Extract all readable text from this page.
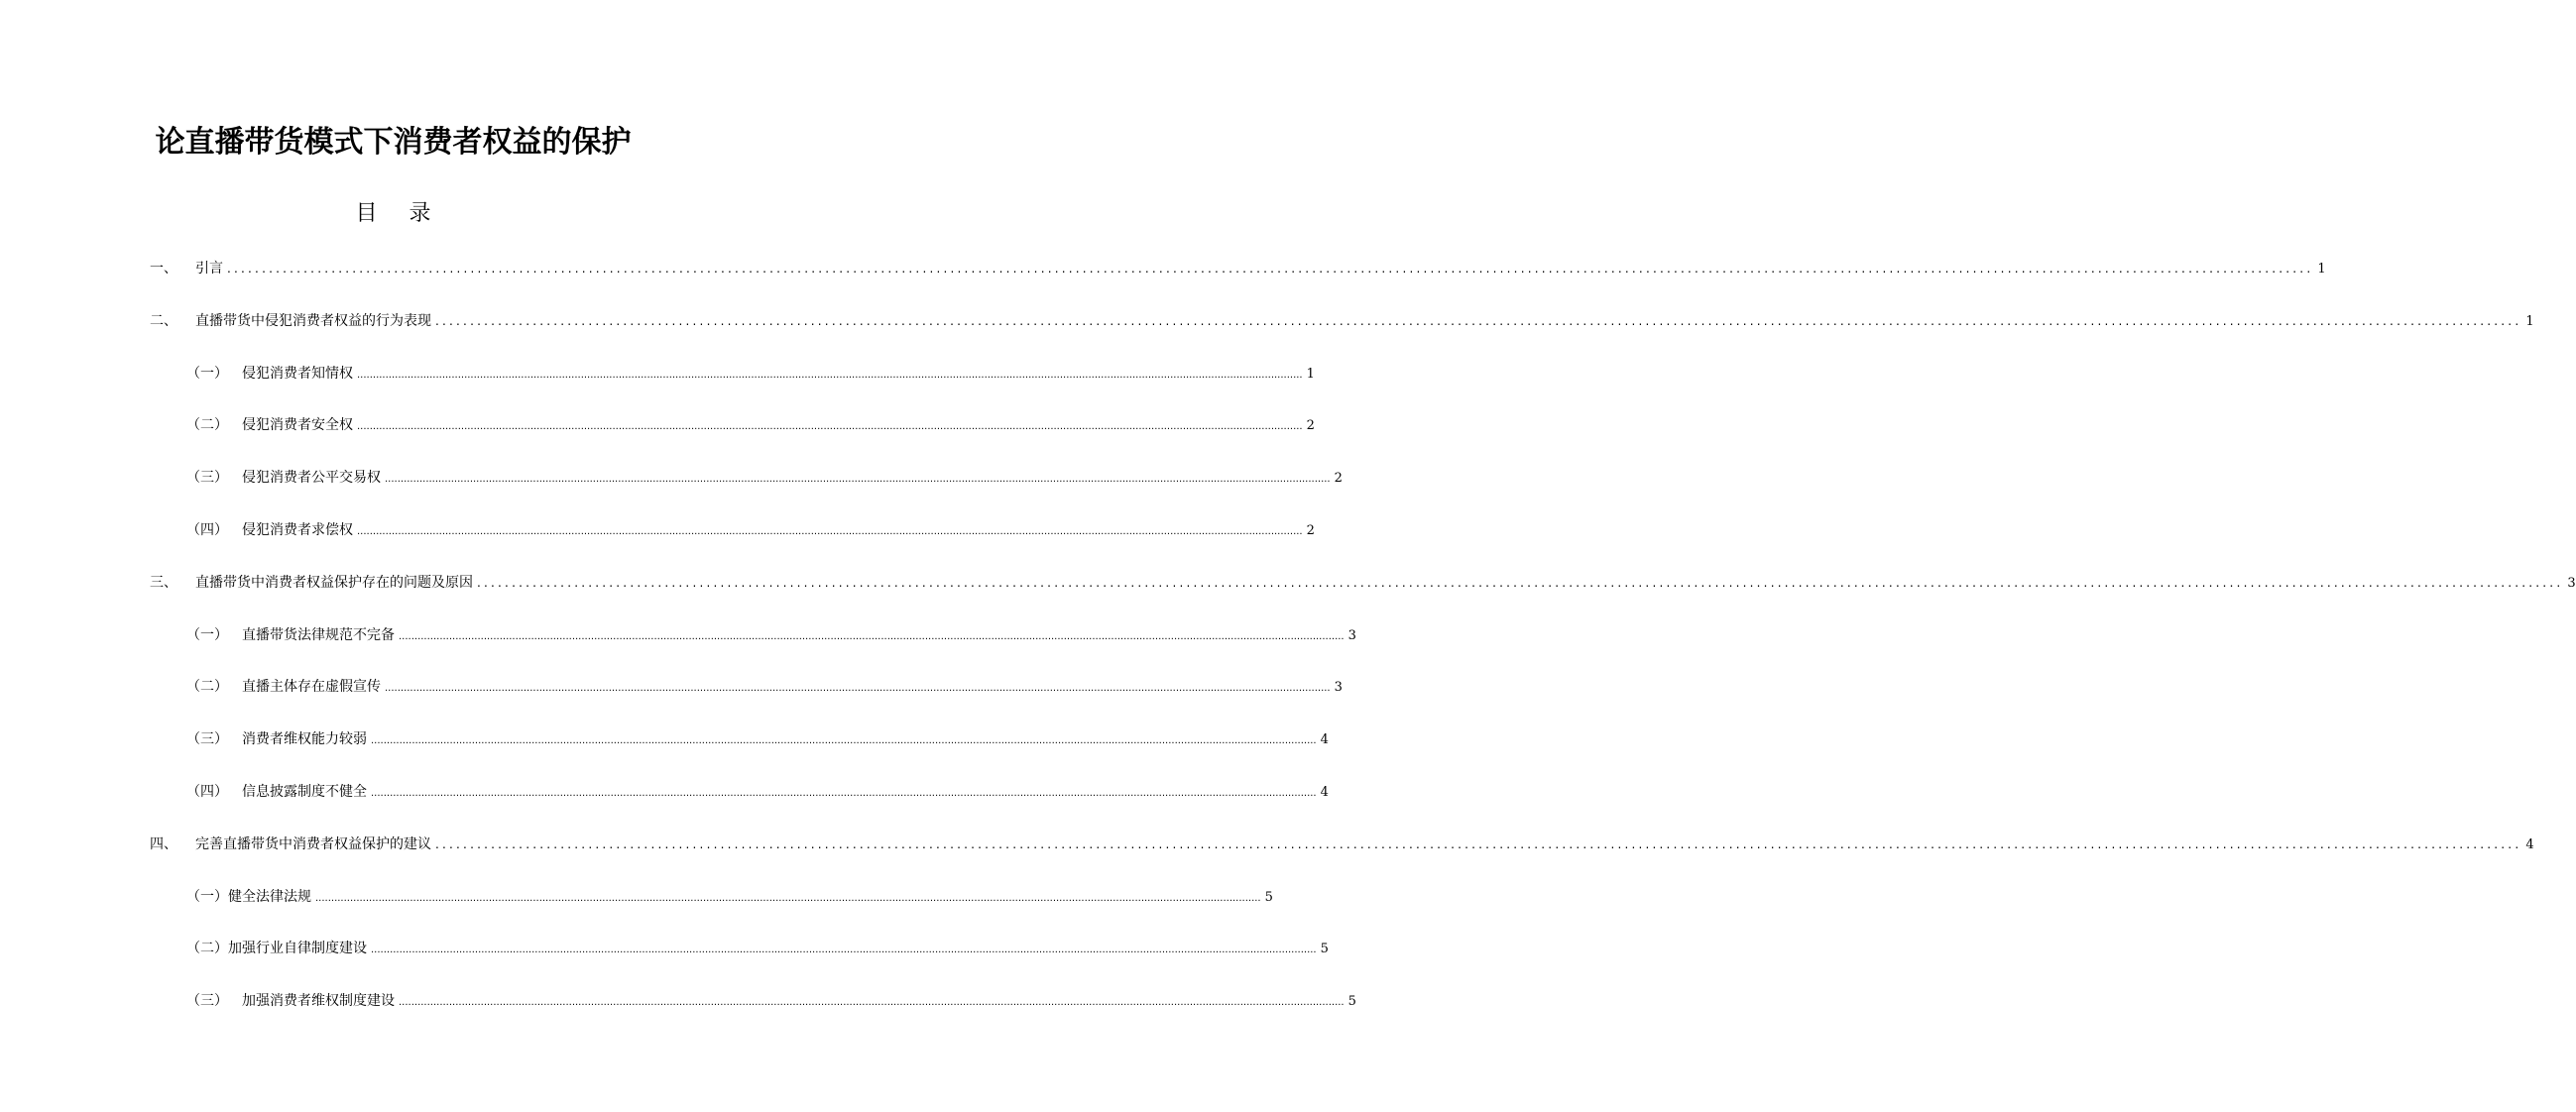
论直播带货模式下消费者权益的保护
目 录
一、 引言 ............................................................................................................................................................................................................................................................................................................ 1
二、 直播带货中侵犯消费者权益的行为表现 ............................................................................................................................................................................................................................................................................................................ 1
（一） 侵犯消费者知情权 ............................................................................................................................................................................................................................................................................................................ 1
（二） 侵犯消费者安全权 ............................................................................................................................................................................................................................................................................................................ 2
（三） 侵犯消费者公平交易权 ............................................................................................................................................................................................................................................................................................................ 2
（四） 侵犯消费者求偿权 ............................................................................................................................................................................................................................................................................................................ 2
三、 直播带货中消费者权益保护存在的问题及原因 ............................................................................................................................................................................................................................................................................................................ 3
（一） 直播带货法律规范不完备 ............................................................................................................................................................................................................................................................................................................ 3
（二） 直播主体存在虚假宣传 ............................................................................................................................................................................................................................................................................................................ 3
（三） 消费者维权能力较弱 ............................................................................................................................................................................................................................................................................................................ 4
（四） 信息披露制度不健全 ............................................................................................................................................................................................................................................................................................................ 4
四、 完善直播带货中消费者权益保护的建议 ............................................................................................................................................................................................................................................................................................................ 4
（一） 健全法律法规 ............................................................................................................................................................................................................................................................................................................ 5
（二） 加强行业自律制度建设 ............................................................................................................................................................................................................................................................................................................ 5
（三） 加强消费者维权制度建设 ............................................................................................................................................................................................................................................................................................................ 5
